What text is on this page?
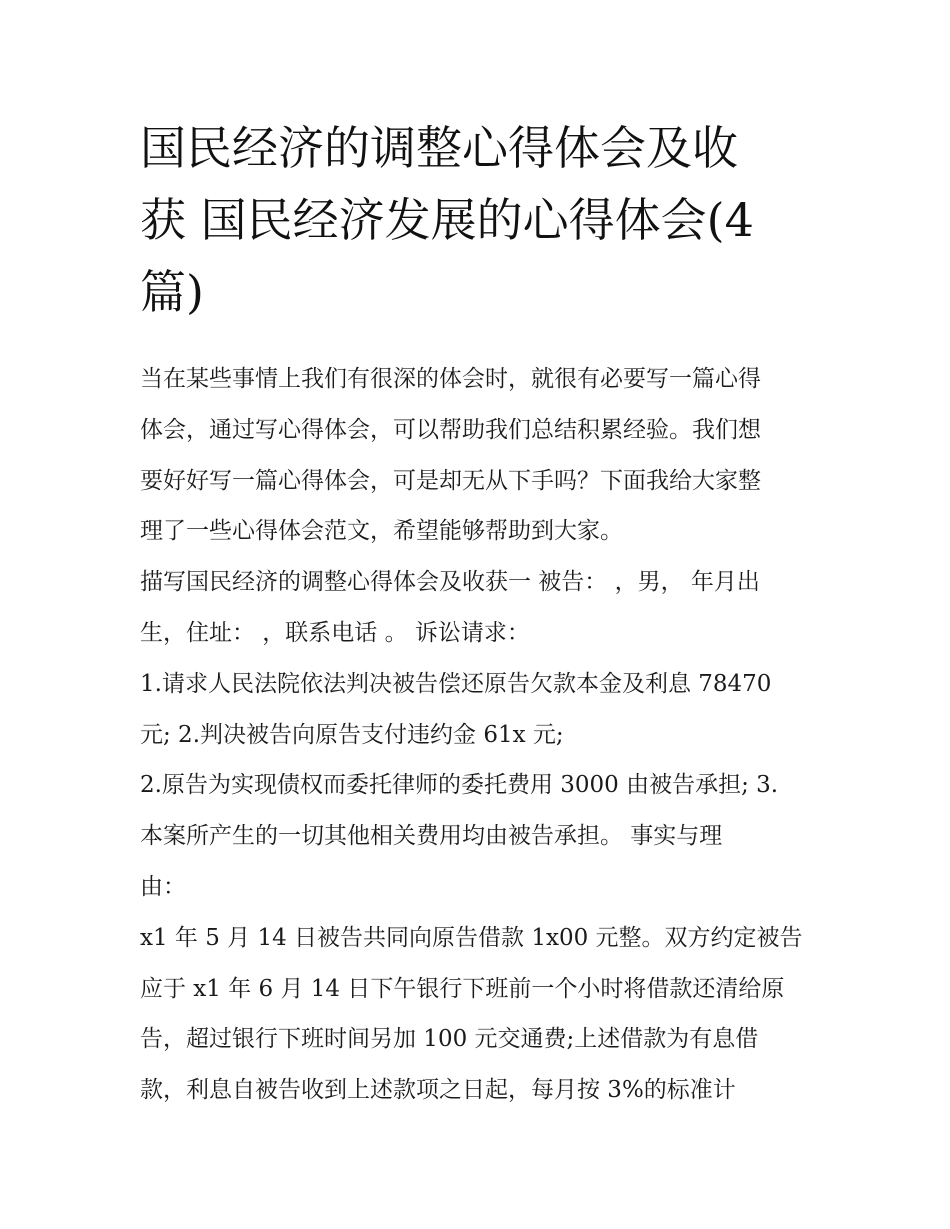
国民经济的调整心得体会及收
获 国民经济发展的心得体会(4
篇)
当在某些事情上我们有很深的体会时，就很有必要写一篇心得
体会，通过写心得体会，可以帮助我们总结积累经验。我们想
要好好写一篇心得体会，可是却无从下手吗？下面我给大家整
理了一些心得体会范文，希望能够帮助到大家。
描写国民经济的调整心得体会及收获一 被告： ，男， 年月出
生，住址： ，联系电话 。 诉讼请求：
1.请求人民法院依法判决被告偿还原告欠款本金及利息 78470
元; 2.判决被告向原告支付违约金 61x 元;
2.原告为实现债权而委托律师的委托费用 3000 由被告承担; 3.
本案所产生的一切其他相关费用均由被告承担。 事实与理
由：
x1 年 5 月 14 日被告共同向原告借款 1x00 元整。双方约定被告
应于 x1 年 6 月 14 日下午银行下班前一个小时将借款还清给原
告，超过银行下班时间另加 100 元交通费;上述借款为有息借
款，利息自被告收到上述款项之日起，每月按 3%的标准计
